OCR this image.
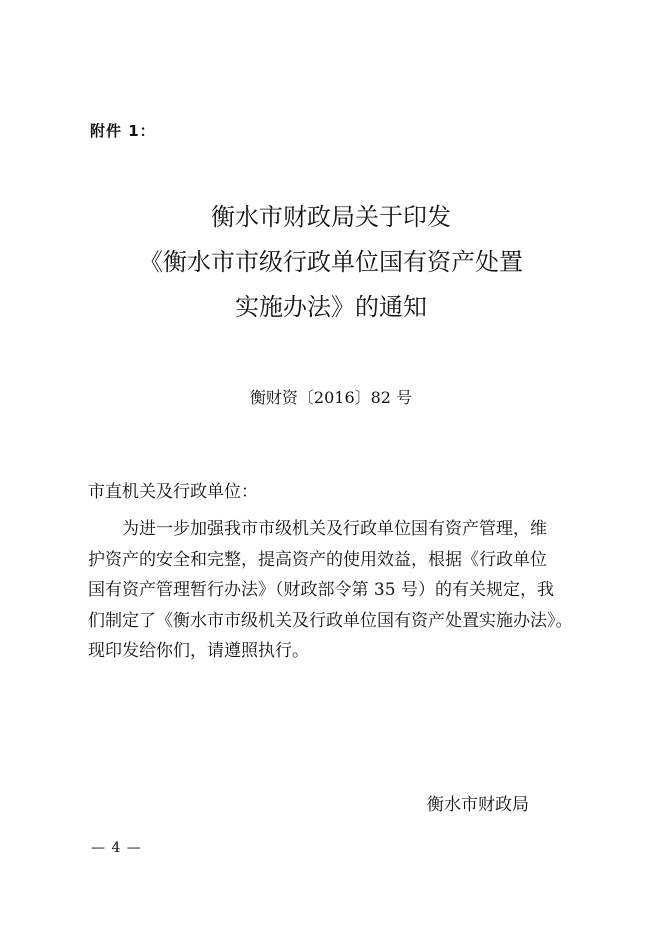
附件 1：
衡水市财政局关于印发
《衡水市市级行政单位国有资产处置
实施办法》的通知
衡财资〔2016〕82 号
市直机关及行政单位：
为进一步加强我市市级机关及行政单位国有资产管理，维
护资产的安全和完整，提高资产的使用效益，根据《行政单位
国有资产管理暂行办法》（财政部令第 35 号）的有关规定，我
们制定了《衡水市市级机关及行政单位国有资产处置实施办法》。
现印发给你们，请遵照执行。
衡水市财政局
— 4 —
